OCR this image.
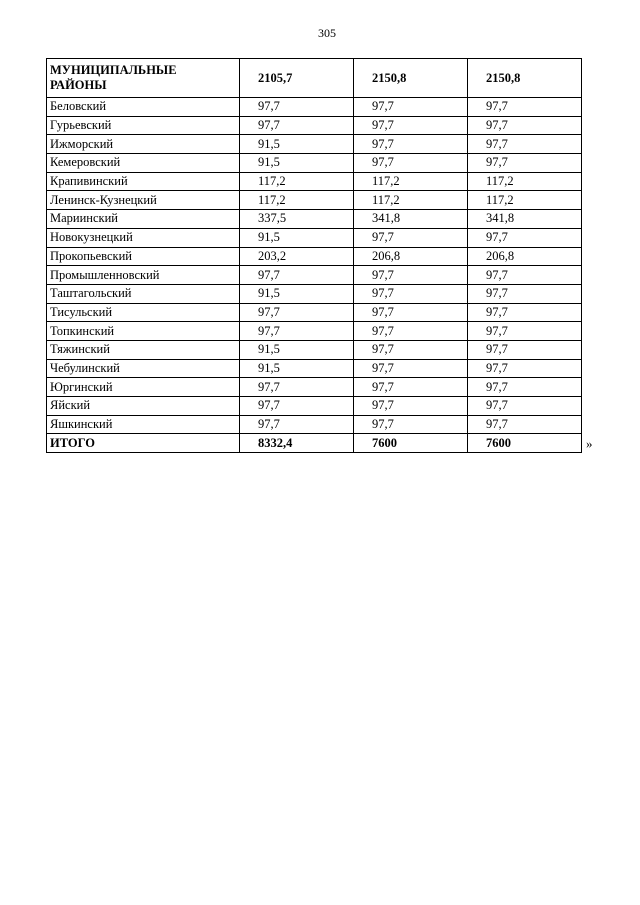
305
МУНИЦИПАЛЬНЫЕ РАЙОНЫ	2105,7	2150,8	2150,8
Беловский	97,7	97,7	97,7
Гурьевский	97,7	97,7	97,7
Ижморский	91,5	97,7	97,7
Кемеровский	91,5	97,7	97,7
Крапивинский	117,2	117,2	117,2
Ленинск-Кузнецкий	117,2	117,2	117,2
Мариинский	337,5	341,8	341,8
Новокузнецкий	91,5	97,7	97,7
Прокопьевский	203,2	206,8	206,8
Промышленновский	97,7	97,7	97,7
Таштагольский	91,5	97,7	97,7
Тисульский	97,7	97,7	97,7
Топкинский	97,7	97,7	97,7
Тяжинский	91,5	97,7	97,7
Чебулинский	91,5	97,7	97,7
Юргинский	97,7	97,7	97,7
Яйский	97,7	97,7	97,7
Яшкинский	97,7	97,7	97,7
ИТОГО	8332,4	7600	7600	»
